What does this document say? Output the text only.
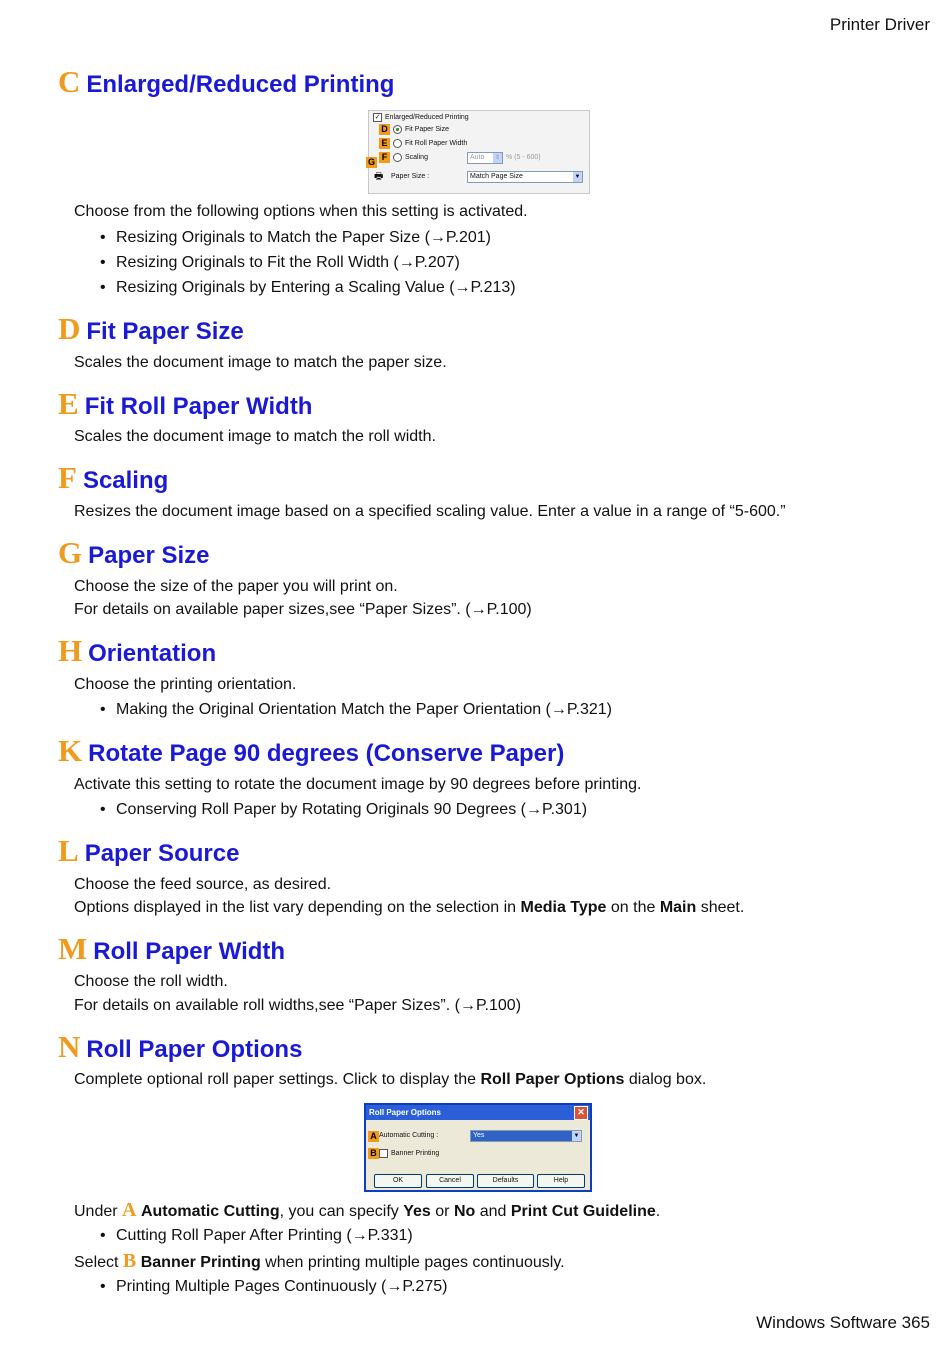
Printer Driver
C Enlarged/Reduced Printing
✓ Enlarged/Reduced Printing
D	Fit Paper Size
E	Fit Roll Paper Width
F	Scaling	Auto	⇕ % (5 - 600)
G
🖶 Paper Size :	Match Page Size	▼
Choose from the following options when this setting is activated.
• Resizing Originals to Match the Paper Size (→P.201)
• Resizing Originals to Fit the Roll Width (→P.207)
• Resizing Originals by Entering a Scaling Value (→P.213)
D Fit Paper Size
Scales the document image to match the paper size.
E Fit Roll Paper Width
Scales the document image to match the roll width.
F Scaling
Resizes the document image based on a specified scaling value. Enter a value in a range of “5-600.”
G Paper Size
Choose the size of the paper you will print on.
For details on available paper sizes,see “Paper Sizes”. (→P.100)
H Orientation
Choose the printing orientation.
• Making the Original Orientation Match the Paper Orientation (→P.321)
K Rotate Page 90 degrees (Conserve Paper)
Activate this setting to rotate the document image by 90 degrees before printing.
• Conserving Roll Paper by Rotating Originals 90 Degrees (→P.301)
L Paper Source
Choose the feed source, as desired.
Options displayed in the list vary depending on the selection in Media Type on the Main sheet.
M Roll Paper Width
Choose the roll width.
For details on available roll widths,see “Paper Sizes”. (→P.100)
N Roll Paper Options
Complete optional roll paper settings. Click to display the Roll Paper Options dialog box.
Roll Paper Options	✕
A Automatic Cutting :	Yes	▼
B	Banner Printing
OK	Cancel	Defaults	Help
Under A Automatic Cutting, you can specify Yes or No and Print Cut Guideline.
• Cutting Roll Paper After Printing (→P.331)
Select B Banner Printing when printing multiple pages continuously.
• Printing Multiple Pages Continuously (→P.275)
Windows Software 365
